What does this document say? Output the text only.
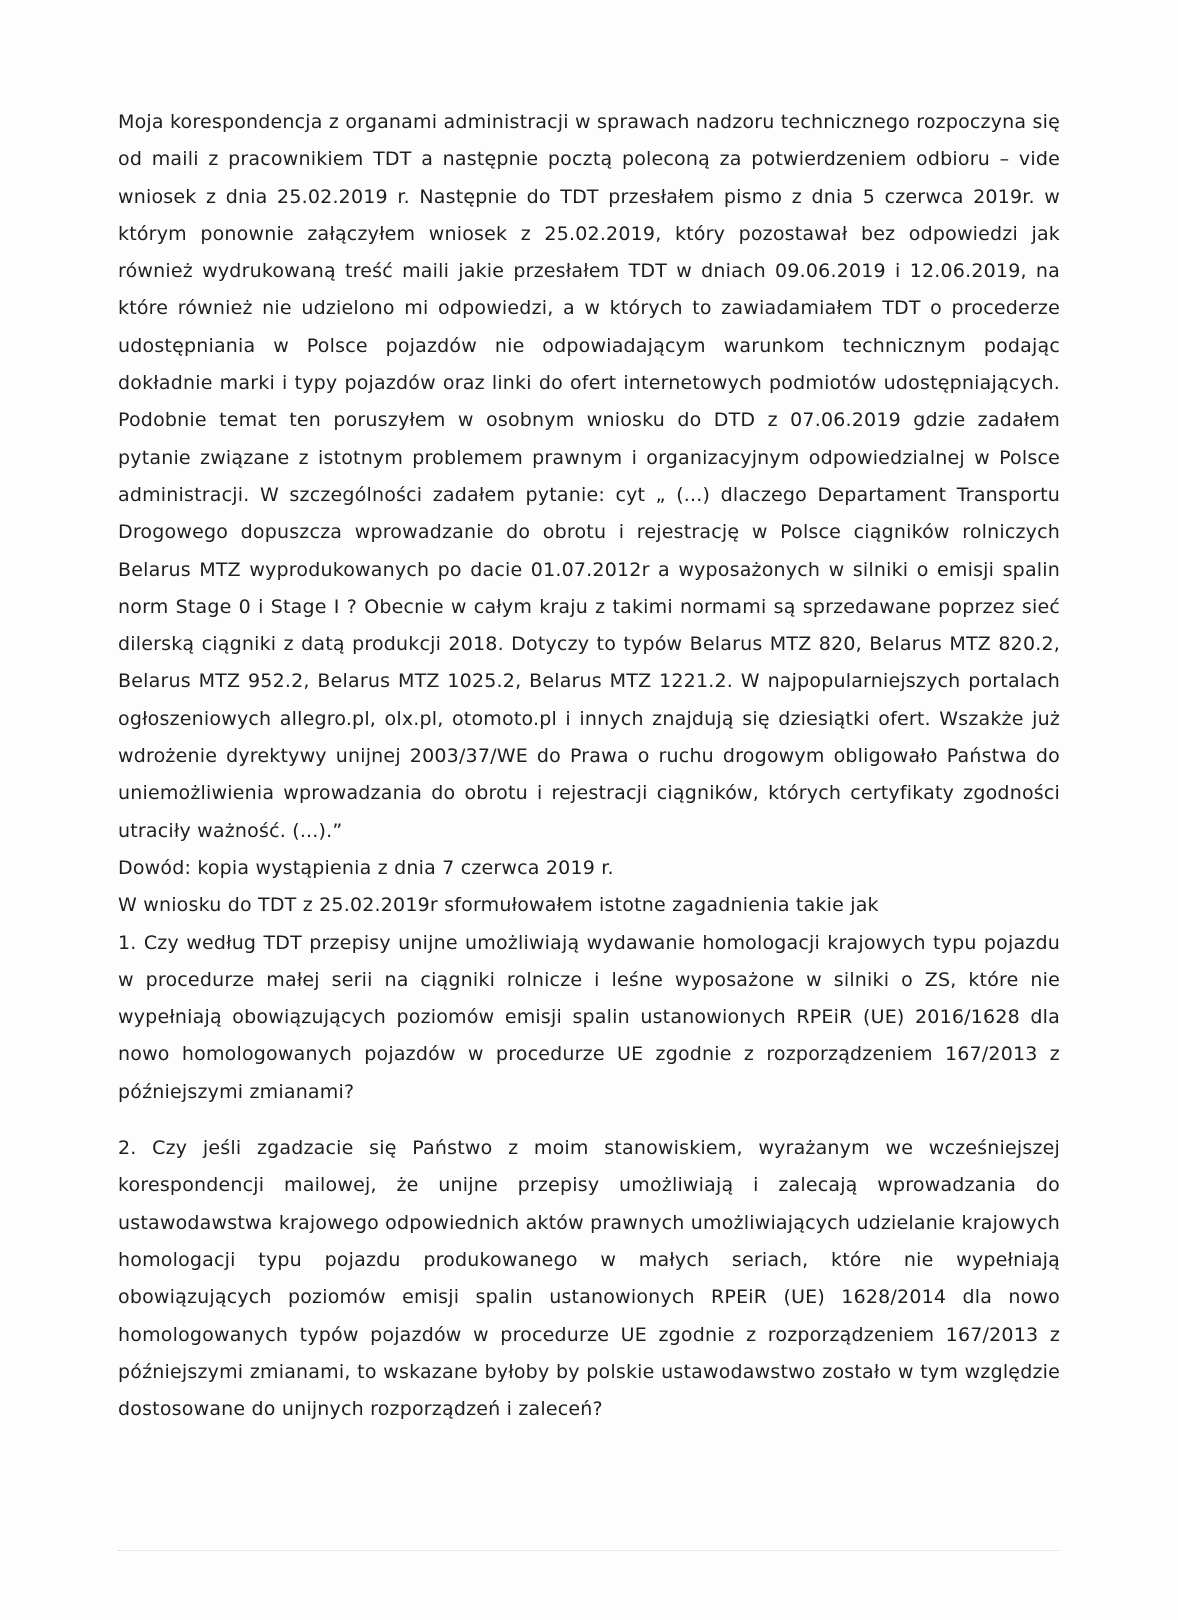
Moja korespondencja z organami administracji w sprawach nadzoru technicznego rozpoczyna się od maili z pracownikiem TDT a następnie pocztą poleconą za potwierdzeniem odbioru – vide wniosek z dnia 25.02.2019 r. Następnie do TDT przesłałem pismo z dnia 5 czerwca 2019r. w którym ponownie załączyłem wniosek z 25.02.2019, który pozostawał bez odpowiedzi jak również wydrukowaną treść maili jakie przesłałem TDT w dniach 09.06.2019 i 12.06.2019, na które również nie udzielono mi odpowiedzi, a w których to zawiadamiałem TDT o procederze udostępniania w Polsce pojazdów nie odpowiadającym warunkom technicznym podając dokładnie marki i typy pojazdów oraz linki do ofert internetowych podmiotów udostępniających. Podobnie temat ten poruszyłem w osobnym wniosku do DTD z 07.06.2019 gdzie zadałem pytanie związane z istotnym problemem prawnym i organizacyjnym odpowiedzialnej w Polsce administracji. W szczególności zadałem pytanie: cyt „ (...) dlaczego Departament Transportu Drogowego dopuszcza wprowadzanie do obrotu i rejestrację w Polsce ciągników rolniczych Belarus MTZ wyprodukowanych po dacie 01.07.2012r a wyposażonych w silniki o emisji spalin norm Stage 0 i Stage I ? Obecnie w całym kraju z takimi normami są sprzedawane poprzez sieć dilerską ciągniki z datą produkcji 2018. Dotyczy to typów Belarus MTZ 820, Belarus MTZ 820.2, Belarus MTZ 952.2, Belarus MTZ 1025.2, Belarus MTZ 1221.2. W najpopularniejszych portalach ogłoszeniowych allegro.pl, olx.pl, otomoto.pl i innych znajdują się dziesiątki ofert. Wszakże już wdrożenie dyrektywy unijnej 2003/37/WE do Prawa o ruchu drogowym obligowało Państwa do uniemożliwienia wprowadzania do obrotu i rejestracji ciągników, których certyfikaty zgodności utraciły ważność. (...).”

Dowód: kopia wystąpienia z dnia 7 czerwca 2019 r.

W wniosku do TDT z 25.02.2019r sformułowałem istotne zagadnienia takie jak

1. Czy według TDT przepisy unijne umożliwiają wydawanie homologacji krajowych typu pojazdu w procedurze małej serii na ciągniki rolnicze i leśne wyposażone w silniki o ZS, które nie wypełniają obowiązujących poziomów emisji spalin ustanowionych RPEiR (UE) 2016/1628 dla nowo homologowanych pojazdów w procedurze UE zgodnie z rozporządzeniem 167/2013 z późniejszymi zmianami?

2. Czy jeśli zgadzacie się Państwo z moim stanowiskiem, wyrażanym we wcześniejszej korespondencji mailowej, że unijne przepisy umożliwiają i zalecają wprowadzania do ustawodawstwa krajowego odpowiednich aktów prawnych umożliwiających udzielanie krajowych homologacji typu pojazdu produkowanego w małych seriach, które nie wypełniają obowiązujących poziomów emisji spalin ustanowionych RPEiR (UE) 1628/2014 dla nowo homologowanych typów pojazdów w procedurze UE zgodnie z rozporządzeniem 167/2013 z późniejszymi zmianami, to wskazane byłoby by polskie ustawodawstwo zostało w tym względzie dostosowane do unijnych rozporządzeń i zaleceń?
